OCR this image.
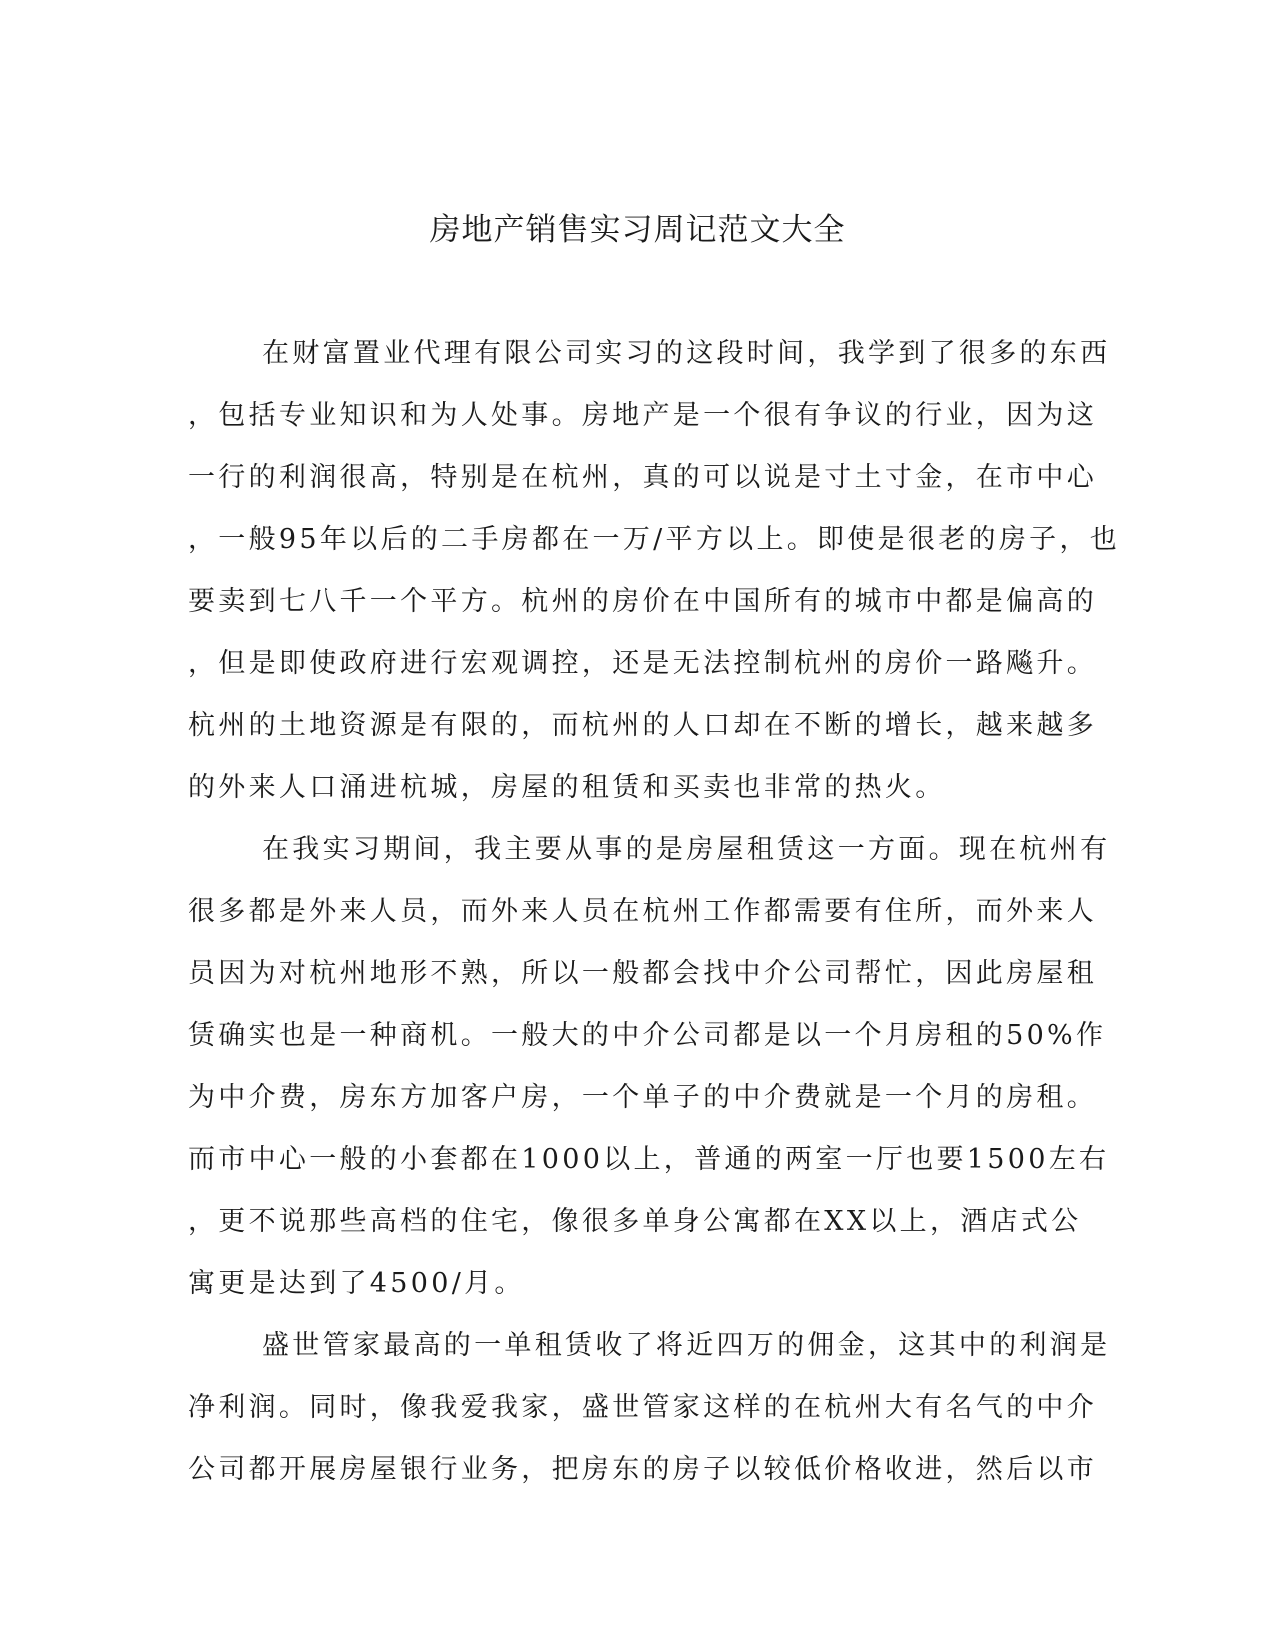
房地产销售实习周记范文大全
在财富置业代理有限公司实习的这段时间，我学到了很多的东西
，包括专业知识和为人处事。房地产是一个很有争议的行业，因为这
一行的利润很高，特别是在杭州，真的可以说是寸土寸金，在市中心
，一般95年以后的二手房都在一万/平方以上。即使是很老的房子，也
要卖到七八千一个平方。杭州的房价在中国所有的城市中都是偏高的
，但是即使政府进行宏观调控，还是无法控制杭州的房价一路飚升。
杭州的土地资源是有限的，而杭州的人口却在不断的增长，越来越多
的外来人口涌进杭城，房屋的租赁和买卖也非常的热火。
在我实习期间，我主要从事的是房屋租赁这一方面。现在杭州有
很多都是外来人员，而外来人员在杭州工作都需要有住所，而外来人
员因为对杭州地形不熟，所以一般都会找中介公司帮忙，因此房屋租
赁确实也是一种商机。一般大的中介公司都是以一个月房租的50%作
为中介费，房东方加客户房，一个单子的中介费就是一个月的房租。
而市中心一般的小套都在1000以上，普通的两室一厅也要1500左右
，更不说那些高档的住宅，像很多单身公寓都在XX以上，酒店式公
寓更是达到了4500/月。
盛世管家最高的一单租赁收了将近四万的佣金，这其中的利润是
净利润。同时，像我爱我家，盛世管家这样的在杭州大有名气的中介
公司都开展房屋银行业务，把房东的房子以较低价格收进，然后以市
